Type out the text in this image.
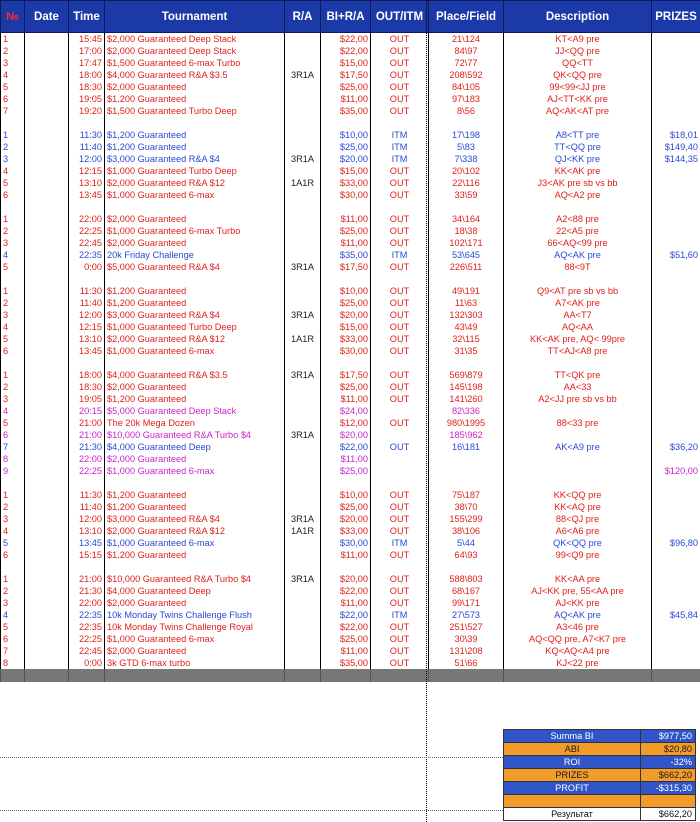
№	Date	Time	Tournament	R/A	BI+R/A	OUT/ITM	Place/Field	Description	PRIZES
1		15:45	$2,000 Guaranteed Deep Stack		$22,00	OUT	21\124	KT<A9 pre	
2		17:00	$2,000 Guaranteed Deep Stack		$22,00	OUT	84\97	JJ<QQ pre	
3		17:47	$1,500 Guaranteed 6-max Turbo		$15,00	OUT	72\77	QQ<TT	
4		18:00	$4,000 Guaranteed R&A $3.5	3R1A	$17,50	OUT	208\592	QK<QQ pre	
5		18:30	$2,000 Guaranteed		$25,00	OUT	84\105	99<99<JJ pre	
6		19:05	$1,200 Guaranteed		$11,00	OUT	97\183	AJ<TT<KK pre	
7		19:20	$1,500 Guaranteed Turbo Deep		$35,00	OUT	8\56	AQ<AK<AT pre	

1		11:30	$1,200 Guaranteed		$10,00	ITM	17\198	A8<TT pre	$18,01
2		11:40	$1,200 Guaranteed		$25,00	ITM	5\83	TT<QQ pre	$149,40
3		12:00	$3,000 Guaranteed R&A $4	3R1A	$20,00	ITM	7\338	QJ<KK pre	$144,35
4		12:15	$1,000 Guaranteed Turbo Deep		$15,00	OUT	20\102	KK<AK pre	
5		13:10	$2,000 Guaranteed R&A $12	1A1R	$33,00	OUT	22\116	J3<AK pre sb vs bb	
6		13:45	$1,000 Guaranteed 6-max		$30,00	OUT	33\59	AQ<A2 pre	

1		22:00	$2,000 Guaranteed		$11,00	OUT	34\164	A2<88 pre	
2		22:25	$1,000 Guaranteed 6-max Turbo		$25,00	OUT	18\38	22<A5 pre	
3		22:45	$2,000 Guaranteed		$11,00	OUT	102\171	66<AQ<99 pre	
4		22:35	20k Friday Challenge		$35,00	ITM	53\645	AQ<AK pre	$51,60
5		0:00	$5,000 Guaranteed R&A $4	3R1A	$17,50	OUT	226\511	88<9T	

1		11:30	$1,200 Guaranteed		$10,00	OUT	49\191	Q9<AT pre sb vs bb	
2		11:40	$1,200 Guaranteed		$25,00	OUT	11\63	A7<AK pre	
3		12:00	$3,000 Guaranteed R&A $4	3R1A	$20,00	OUT	132\303	AA<T7	
4		12:15	$1,000 Guaranteed Turbo Deep		$15,00	OUT	43\49	AQ<AA	
5		13:10	$2,000 Guaranteed R&A $12	1A1R	$33,00	OUT	32\115	KK<AK pre, AQ< 99pre	
6		13:45	$1,000 Guaranteed 6-max		$30,00	OUT	31\35	TT<AJ<A8 pre	

1		18:00	$4,000 Guaranteed R&A $3.5	3R1A	$17,50	OUT	569\879	TT<QK pre	
2		18:30	$2,000 Guaranteed		$25,00	OUT	145\198	AA<33	
3		19:05	$1,200 Guaranteed		$11,00	OUT	141\260	A2<JJ pre sb vs bb	
4		20:15	$5,000 Guaranteed Deep Stack		$24,00		82\336		
5		21:00	The 20k Mega Dozen		$12,00	OUT	980\1995	88<33 pre	
6		21:00	$10,000 Guaranteed R&A Turbo $4	3R1A	$20,00		185\962		
7		21:30	$4,000 Guaranteed Deep		$22,00	OUT	16\181	AK<A9 pre	$36,20
8		22:00	$2,000 Guaranteed		$11,00				
9		22:25	$1,000 Guaranteed 6-max		$25,00				$120,00

1		11:30	$1,200 Guaranteed		$10,00	OUT	75\187	KK<QQ pre	
2		11:40	$1,200 Guaranteed		$25,00	OUT	38\70	KK<AQ pre	
3		12:00	$3,000 Guaranteed R&A $4	3R1A	$20,00	OUT	155\299	88<QJ pre	
4		13:10	$2,000 Guaranteed R&A $12	1A1R	$33,00	OUT	38\106	A6<A6 pre	
5		13:45	$1,000 Guaranteed 6-max		$30,00	ITM	5\44	QK<QQ pre	$96,80
6		15:15	$1,200 Guaranteed		$11,00	OUT	64\93	99<Q9 pre	

1		21:00	$10,000 Guaranteed R&A Turbo $4	3R1A	$20,00	OUT	588\803	KK<AA pre	
2		21:30	$4,000 Guaranteed Deep		$22,00	OUT	68\167	AJ<KK pre, 55<AA pre	
3		22:00	$2,000 Guaranteed		$11,00	OUT	99\171	AJ<KK pre	
4		22:35	10k Monday Twins Challenge Flush		$22,00	ITM	27\573	AQ<AK pre	$45,84
5		22:35	10k Monday Twins Challenge Royal		$22,00	OUT	251\527	A3<46 pre	
6		22:25	$1,000 Guaranteed 6-max		$25,00	OUT	30\39	AQ<QQ pre, A7<K7 pre	
7		22:45	$2,000 Guaranteed		$11,00	OUT	131\208	KQ<AQ<A4 pre	
8		0:00	3k GTD 6-max turbo		$35,00	OUT	51\66	KJ<22 pre	

Summa BI	$977,50
ABI	$20,80
ROI	-32%
PRIZES	$662,20
PROFIT	-$315,30

Результат	$662,20
